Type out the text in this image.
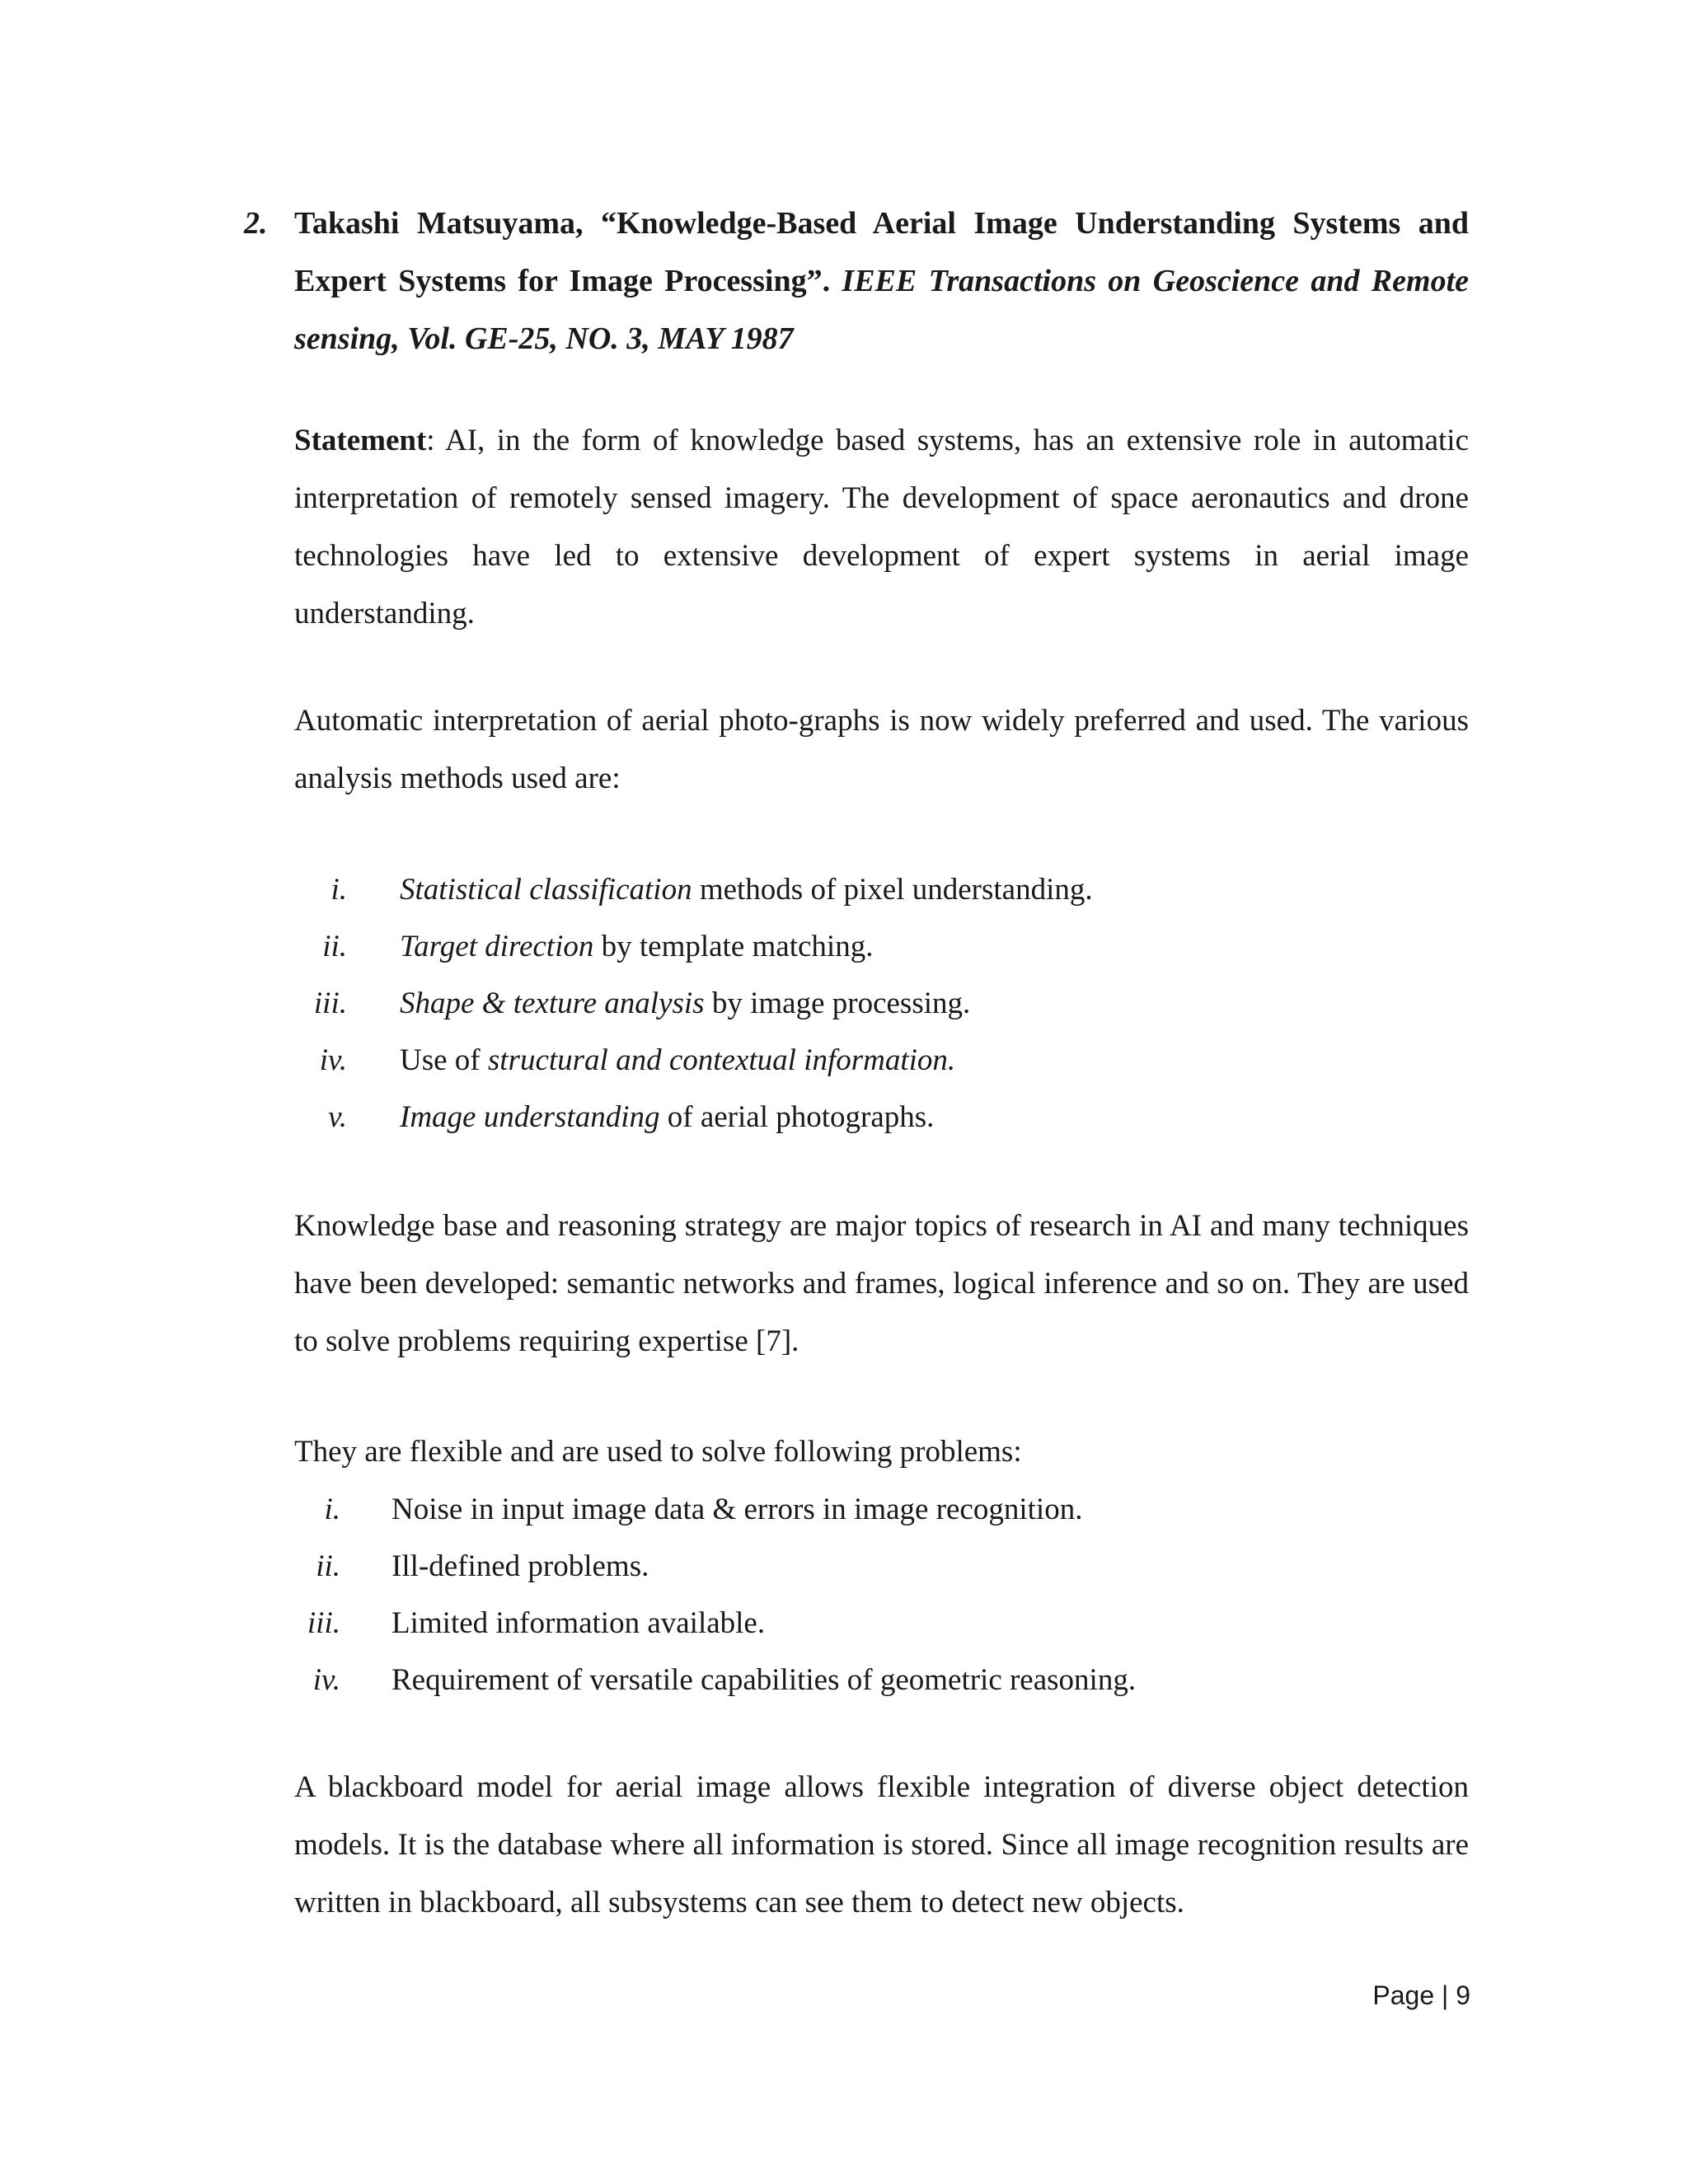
2. Takashi Matsuyama, “Knowledge-Based Aerial Image Understanding Systems and Expert Systems for Image Processing”. IEEE Transactions on Geoscience and Remote sensing, Vol. GE-25, NO. 3, MAY 1987

Statement: AI, in the form of knowledge based systems, has an extensive role in automatic interpretation of remotely sensed imagery. The development of space aeronautics and drone technologies have led to extensive development of expert systems in aerial image understanding.

Automatic interpretation of aerial photo-graphs is now widely preferred and used. The various analysis methods used are:

i. Statistical classification methods of pixel understanding.
ii. Target direction by template matching.
iii. Shape & texture analysis by image processing.
iv. Use of structural and contextual information.
v. Image understanding of aerial photographs.

Knowledge base and reasoning strategy are major topics of research in AI and many techniques have been developed: semantic networks and frames, logical inference and so on. They are used to solve problems requiring expertise [7].

They are flexible and are used to solve following problems:

i. Noise in input image data & errors in image recognition.
ii. Ill-defined problems.
iii. Limited information available.
iv. Requirement of versatile capabilities of geometric reasoning.

A blackboard model for aerial image allows flexible integration of diverse object detection models. It is the database where all information is stored. Since all image recognition results are written in blackboard, all subsystems can see them to detect new objects.

Page | 9
